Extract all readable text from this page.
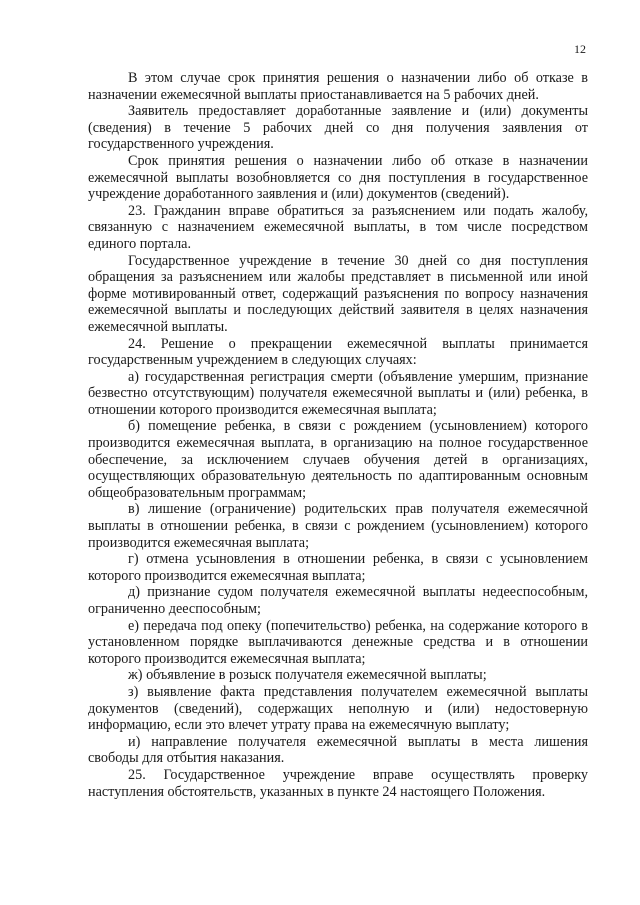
12

В этом случае срок принятия решения о назначении либо об отказе в назначении ежемесячной выплаты приостанавливается на 5 рабочих дней.

Заявитель предоставляет доработанные заявление и (или) документы (сведения) в течение 5 рабочих дней со дня получения заявления от государственного учреждения.

Срок принятия решения о назначении либо об отказе в назначении ежемесячной выплаты возобновляется со дня поступления в государственное учреждение доработанного заявления и (или) документов (сведений).

23. Гражданин вправе обратиться за разъяснением или подать жалобу, связанную с назначением ежемесячной выплаты, в том числе посредством единого портала.

Государственное учреждение в течение 30 дней со дня поступления обращения за разъяснением или жалобы представляет в письменной или иной форме мотивированный ответ, содержащий разъяснения по вопросу назначения ежемесячной выплаты и последующих действий заявителя в целях назначения ежемесячной выплаты.

24. Решение о прекращении ежемесячной выплаты принимается государственным учреждением в следующих случаях:

а) государственная регистрация смерти (объявление умершим, признание безвестно отсутствующим) получателя ежемесячной выплаты и (или) ребенка, в отношении которого производится ежемесячная выплата;

б) помещение ребенка, в связи с рождением (усыновлением) которого производится ежемесячная выплата, в организацию на полное государственное обеспечение, за исключением случаев обучения детей в организациях, осуществляющих образовательную деятельность по адаптированным основным общеобразовательным программам;

в) лишение (ограничение) родительских прав получателя ежемесячной выплаты в отношении ребенка, в связи с рождением (усыновлением) которого производится ежемесячная выплата;

г) отмена усыновления в отношении ребенка, в связи с усыновлением которого производится ежемесячная выплата;

д) признание судом получателя ежемесячной выплаты недееспособным, ограниченно дееспособным;

е) передача под опеку (попечительство) ребенка, на содержание которого в установленном порядке выплачиваются денежные средства и в отношении которого производится ежемесячная выплата;

ж) объявление в розыск получателя ежемесячной выплаты;

з) выявление факта представления получателем ежемесячной выплаты документов (сведений), содержащих неполную и (или) недостоверную информацию, если это влечет утрату права на ежемесячную выплату;

и) направление получателя ежемесячной выплаты в места лишения свободы для отбытия наказания.

25. Государственное учреждение вправе осуществлять проверку наступления обстоятельств, указанных в пункте 24 настоящего Положения.
